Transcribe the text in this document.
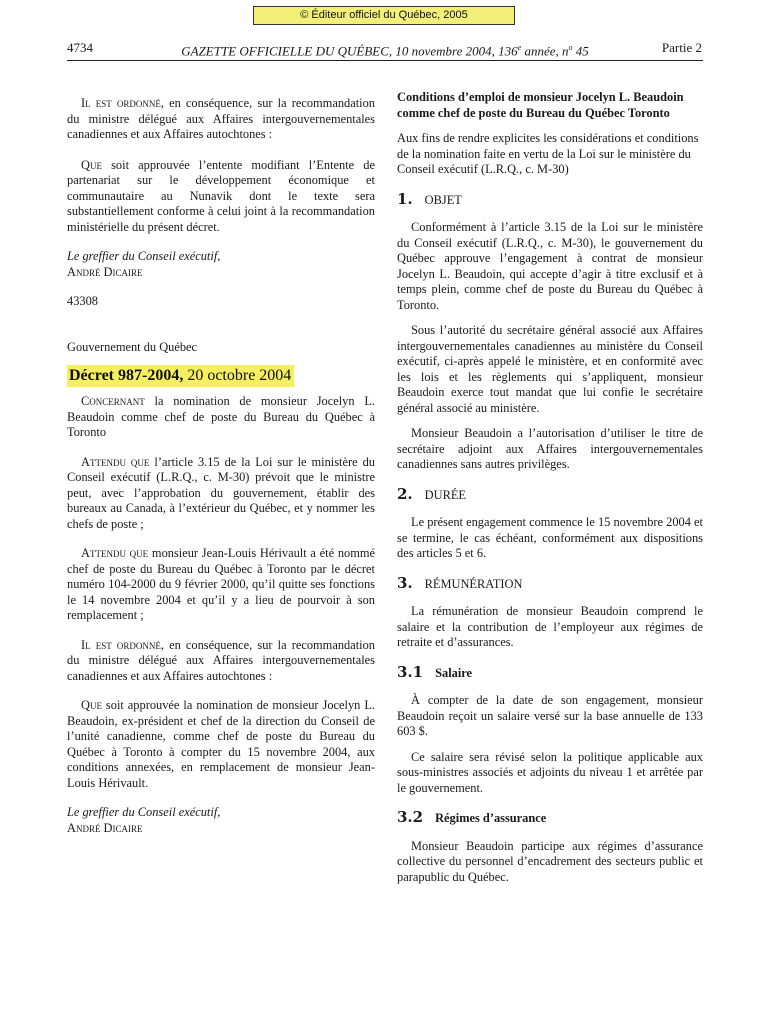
© Éditeur officiel du Québec, 2005
4734	GAZETTE OFFICIELLE DU QUÉBEC, 10 novembre 2004, 136e année, $n^o$ 45	Partie 2

Il est ordonné, en conséquence, sur la recommandation du ministre délégué aux Affaires intergouvernementales canadiennes et aux Affaires autochtones :

Que soit approuvée l’entente modifiant l’Entente de partenariat sur le développement économique et communautaire au Nunavik dont le texte sera substantiellement conforme à celui joint à la recommandation ministérielle du présent décret.

Le greffier du Conseil exécutif,

André Dicaire

43308

Gouvernement du Québec

Décret 987-2004, 20 octobre 2004

Concernant la nomination de monsieur Jocelyn L. Beaudoin comme chef de poste du Bureau du Québec à Toronto

Attendu que l’article 3.15 de la Loi sur le ministère du Conseil exécutif (L.R.Q., c. M-30) prévoit que le ministre peut, avec l’approbation du gouvernement, établir des bureaux au Canada, à l’extérieur du Québec, et y nommer les chefs de poste ;

Attendu que monsieur Jean-Louis Hérivault a été nommé chef de poste du Bureau du Québec à Toronto par le décret numéro 104-2000 du 9 février 2000, qu’il quitte ses fonctions le 14 novembre 2004 et qu’il y a lieu de pourvoir à son remplacement ;

Il est ordonné, en conséquence, sur la recommandation du ministre délégué aux Affaires intergouvernementales canadiennes et aux Affaires autochtones :

Que soit approuvée la nomination de monsieur Jocelyn L. Beaudoin, ex-président et chef de la direction du Conseil de l’unité canadienne, comme chef de poste du Bureau du Québec à Toronto à compter du 15 novembre 2004, aux conditions annexées, en remplacement de monsieur Jean-Louis Hérivault.

Le greffier du Conseil exécutif,

André Dicaire

Conditions d’emploi de monsieur Jocelyn L. Beaudoin comme chef de poste du Bureau du Québec Toronto

Aux fins de rendre explicites les considérations et conditions de la nomination faite en vertu de la Loi sur le ministère du Conseil exécutif (L.R.Q., c. M-30)

1. OBJET

Conformément à l’article 3.15 de la Loi sur le ministère du Conseil exécutif (L.R.Q., c. M-30), le gouvernement du Québec approuve l’engagement à contrat de monsieur Jocelyn L. Beaudoin, qui accepte d’agir à titre exclusif et à temps plein, comme chef de poste du Bureau du Québec à Toronto.

Sous l’autorité du secrétaire général associé aux Affaires intergouvernementales canadiennes au ministère du Conseil exécutif, ci-après appelé le ministère, et en conformité avec les lois et les règlements qui s’appliquent, monsieur Beaudoin exerce tout mandat que lui confie le secrétaire général associé au ministère.

Monsieur Beaudoin a l’autorisation d’utiliser le titre de secrétaire adjoint aux Affaires intergouvernementales canadiennes sans autres privilèges.

2. DURÉE

Le présent engagement commence le 15 novembre 2004 et se termine, le cas échéant, conformément aux dispositions des articles 5 et 6.

3. RÉMUNÉRATION

La rémunération de monsieur Beaudoin comprend le salaire et la contribution de l’employeur aux régimes de retraite et d’assurances.

3.1 Salaire

À compter de la date de son engagement, monsieur Beaudoin reçoit un salaire versé sur la base annuelle de 133 603 $.

Ce salaire sera révisé selon la politique applicable aux sous-ministres associés et adjoints du niveau 1 et arrêtée par le gouvernement.

3.2 Régimes d’assurance

Monsieur Beaudoin participe aux régimes d’assurance collective du personnel d’encadrement des secteurs public et parapublic du Québec.
